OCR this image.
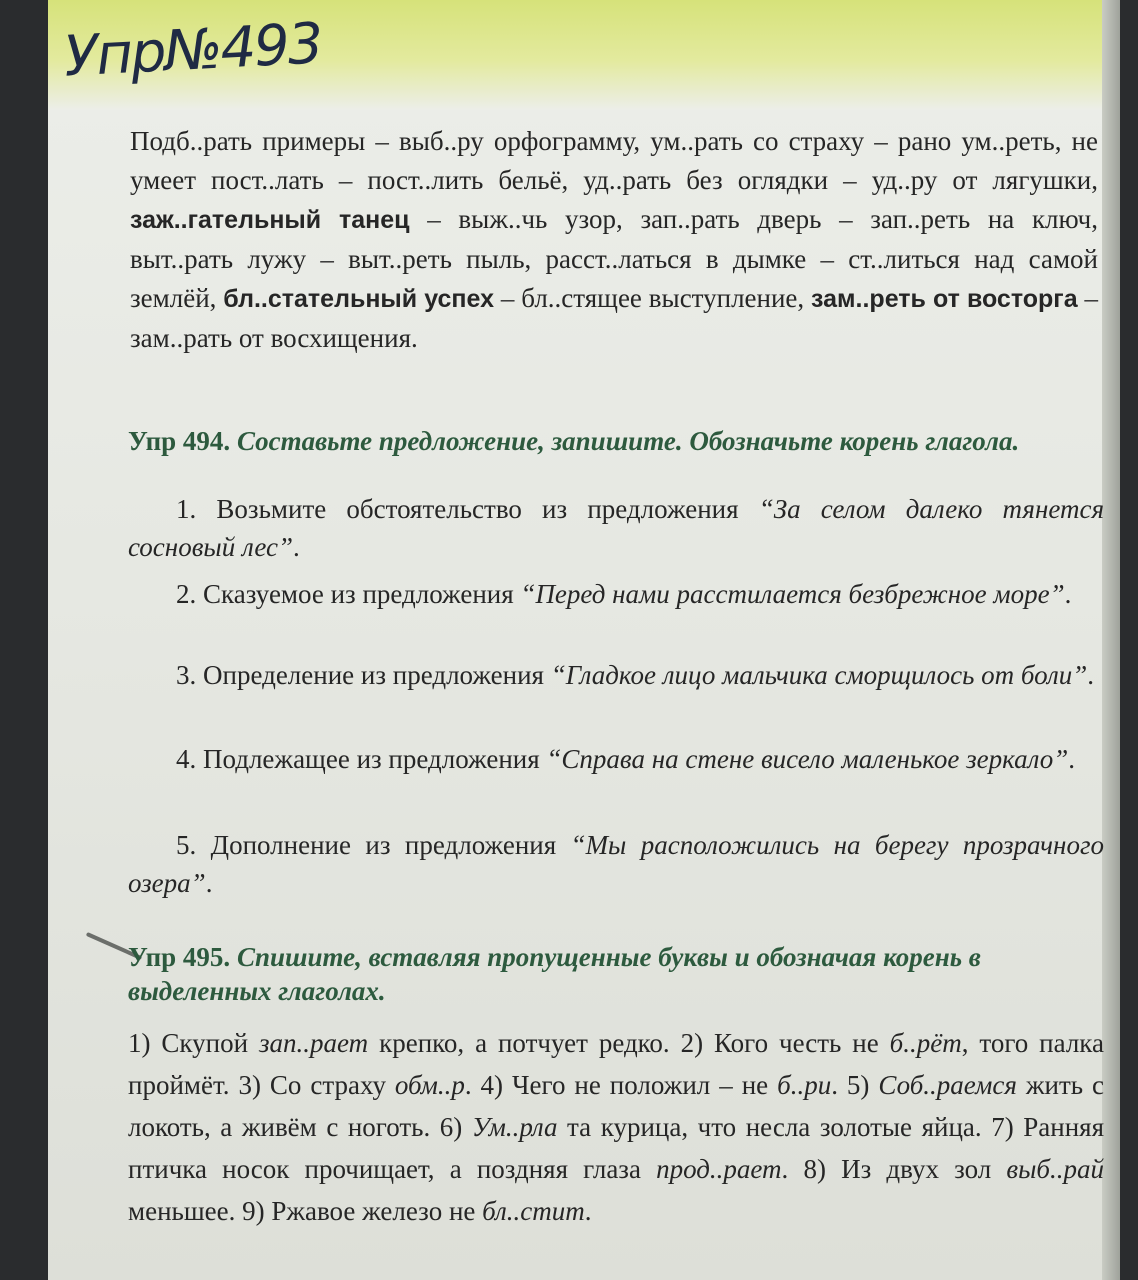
Упр№493
Подб..рать примеры – выб..ру орфограмму, ум..рать со страху – рано ум..реть, не умеет пост..лать – пост..лить бельё, уд..рать без оглядки – уд..ру от лягушки, заж..гательный танец – выж..чь узор, зап..рать дверь – зап..реть на ключ, выт..рать лужу – выт..реть пыль, расст..латься в дымке – ст..литься над самой землёй, бл..стательный успех – бл..стящее выступление, зам..реть от восторга – зам..рать от восхищения.
Упр 494. Составьте предложение, запишите. Обозначьте корень глагола.
1. Возьмите обстоятельство из предложения “За селом далеко тянется сосновый лес”.
2. Сказуемое из предложения “Перед нами расстилается безбрежное море”.
3. Определение из предложения “Гладкое лицо мальчика сморщилось от боли”.
4. Подлежащее из предложения “Справа на стене висело маленькое зеркало”.
5. Дополнение из предложения “Мы расположились на берегу прозрачного озера”.
Упр 495. Спишите, вставляя пропущенные буквы и обозначая корень в выделенных глаголах.
1) Скупой зап..рает крепко, а потчует редко. 2) Кого честь не б..рёт, того палка проймёт. 3) Со страху обм..р. 4) Чего не положил – не б..ри. 5) Соб..раемся жить с локоть, а живём с ноготь. 6) Ум..рла та курица, что несла золотые яйца. 7) Ранняя птичка носок прочищает, а поздняя глаза прод..рает. 8) Из двух зол выб..рай меньшее. 9) Ржавое железо не бл..стит.
